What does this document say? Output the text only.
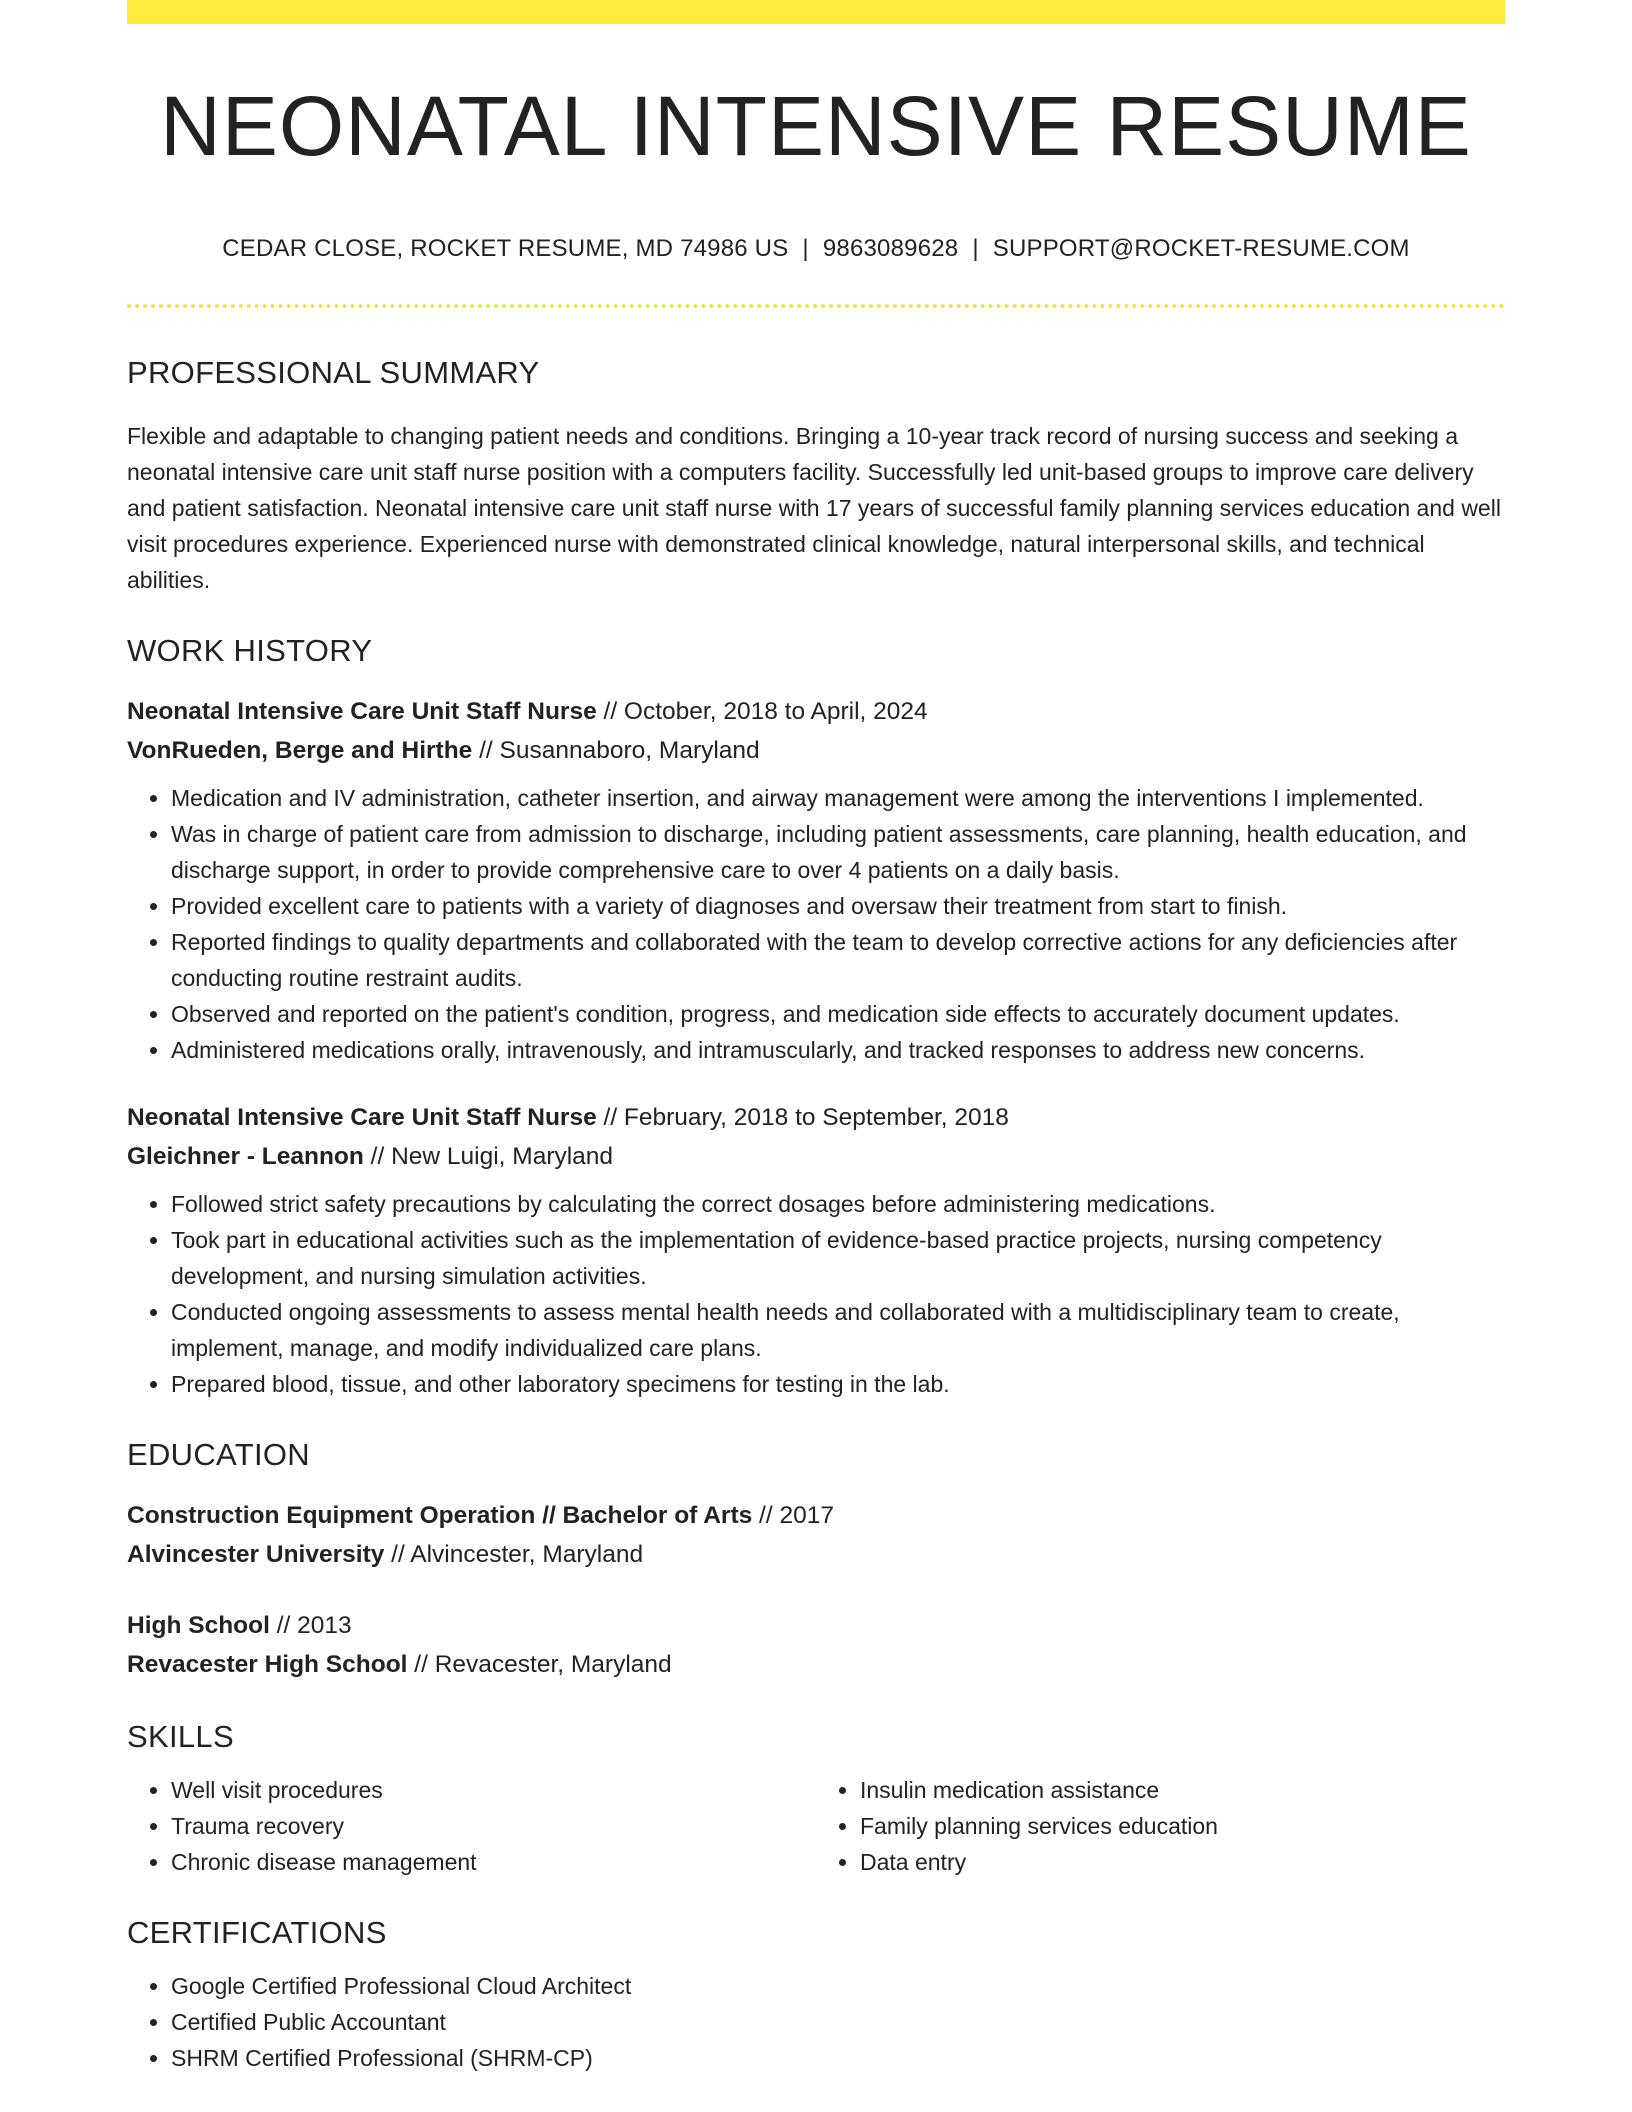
NEONATAL INTENSIVE RESUME
CEDAR CLOSE, ROCKET RESUME, MD 74986 US | 9863089628 | SUPPORT@ROCKET-RESUME.COM
PROFESSIONAL SUMMARY

Flexible and adaptable to changing patient needs and conditions. Bringing a 10-year track record of nursing success and seeking a neonatal intensive care unit staff nurse position with a computers facility. Successfully led unit-based groups to improve care delivery and patient satisfaction. Neonatal intensive care unit staff nurse with 17 years of successful family planning services education and well visit procedures experience. Experienced nurse with demonstrated clinical knowledge, natural interpersonal skills, and technical abilities.

WORK HISTORY
Neonatal Intensive Care Unit Staff Nurse // October, 2018 to April, 2024
VonRueden, Berge and Hirthe // Susannaboro, Maryland
• Medication and IV administration, catheter insertion, and airway management were among the interventions I implemented.
• Was in charge of patient care from admission to discharge, including patient assessments, care planning, health education, and discharge support, in order to provide comprehensive care to over 4 patients on a daily basis.
• Provided excellent care to patients with a variety of diagnoses and oversaw their treatment from start to finish.
• Reported findings to quality departments and collaborated with the team to develop corrective actions for any deficiencies after conducting routine restraint audits.
• Observed and reported on the patient's condition, progress, and medication side effects to accurately document updates.
• Administered medications orally, intravenously, and intramuscularly, and tracked responses to address new concerns.
Neonatal Intensive Care Unit Staff Nurse // February, 2018 to September, 2018
Gleichner - Leannon // New Luigi, Maryland
• Followed strict safety precautions by calculating the correct dosages before administering medications.
• Took part in educational activities such as the implementation of evidence-based practice projects, nursing competency development, and nursing simulation activities.
• Conducted ongoing assessments to assess mental health needs and collaborated with a multidisciplinary team to create, implement, manage, and modify individualized care plans.
• Prepared blood, tissue, and other laboratory specimens for testing in the lab.
EDUCATION
Construction Equipment Operation // Bachelor of Arts // 2017
Alvincester University // Alvincester, Maryland
High School // 2013
Revacester High School // Revacester, Maryland
SKILLS
• Well visit procedures
• Trauma recovery
• Chronic disease management
• Insulin medication assistance
• Family planning services education
• Data entry
CERTIFICATIONS
• Google Certified Professional Cloud Architect
• Certified Public Accountant
• SHRM Certified Professional (SHRM-CP)
